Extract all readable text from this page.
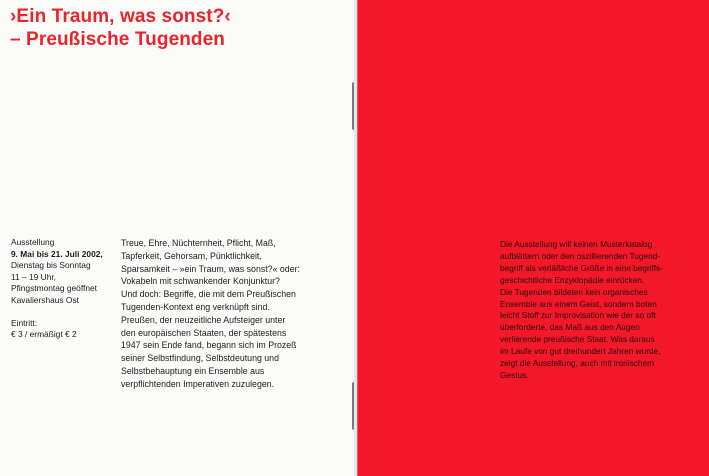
›Ein Traum, was sonst?‹
– Preußische Tugenden
Ausstellung
9. Mai bis 21. Juli 2002,
Dienstag bis Sonntag
11 – 19 Uhr,
Pfingstmontag geöffnet
Kavaliershaus Ost
Eintritt:
€ 3 / ermäßigt € 2
Treue, Ehre, Nüchternheit, Pflicht, Maß,
Tapferkeit, Gehorsam, Pünktlichkeit,
Sparsamkeit – »ein Traum, was sonst?« oder:
Vokabeln mit schwankender Konjunktur?
Und doch: Begriffe, die mit dem Preußischen
Tugenden-Kontext eng verknüpft sind.
Preußen, der neuzeitliche Aufsteiger unter
den europäischen Staaten, der spätestens
1947 sein Ende fand, begann sich im Prozeß
seiner Selbstfindung, Selbstdeutung und
Selbstbehauptung ein Ensemble aus
verpflichtenden Imperativen zuzulegen.
Die Ausstellung will keinen Musterkatalog
aufblättern oder den oszillierenden Tugend-
begriff als verläßliche Größe in eine begriffs-
geschichtliche Enzyklopädie einrücken.
Die Tugenden bildeten kein organisches
Ensemble aus einem Geist, sondern boten
leicht Stoff zur Improvisation wie der so oft
überforderte, das Maß aus den Augen
verlierende preußische Staat. Was daraus
im Laufe von gut dreihundert Jahren wurde,
zeigt die Ausstellung, auch mit ironischem
Gestus.
